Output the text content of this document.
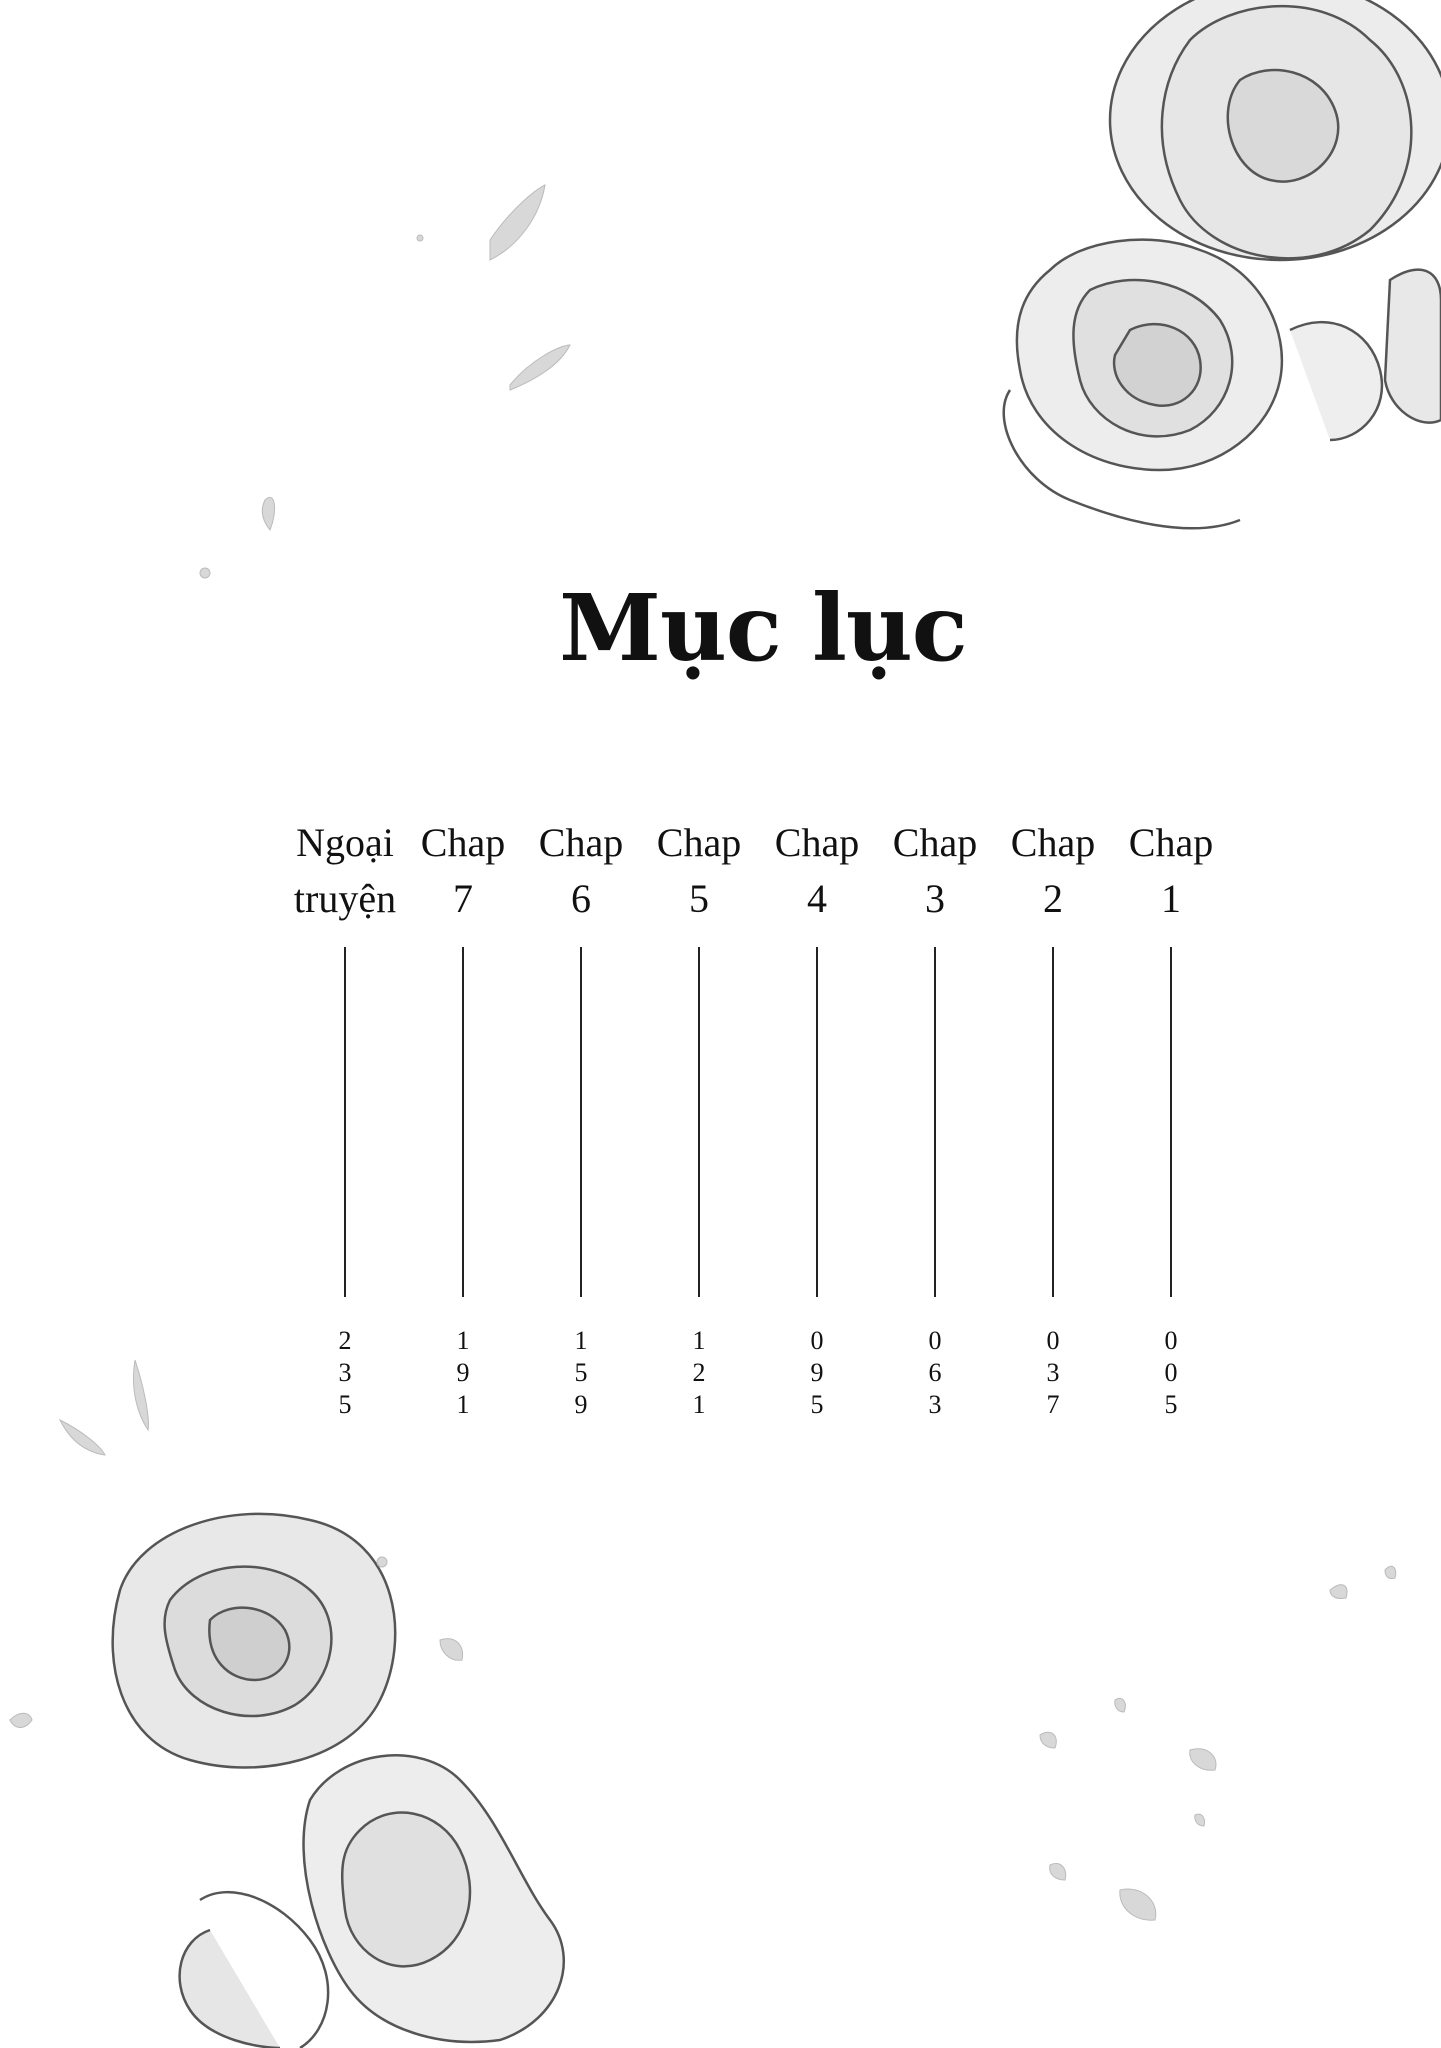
Mục lục
Ngoại
truyện
2
3
5
Chap
7
1
9
1
Chap
6
1
5
9
Chap
5
1
2
1
Chap
4
0
9
5
Chap
3
0
6
3
Chap
2
0
3
7
Chap
1
0
0
5
